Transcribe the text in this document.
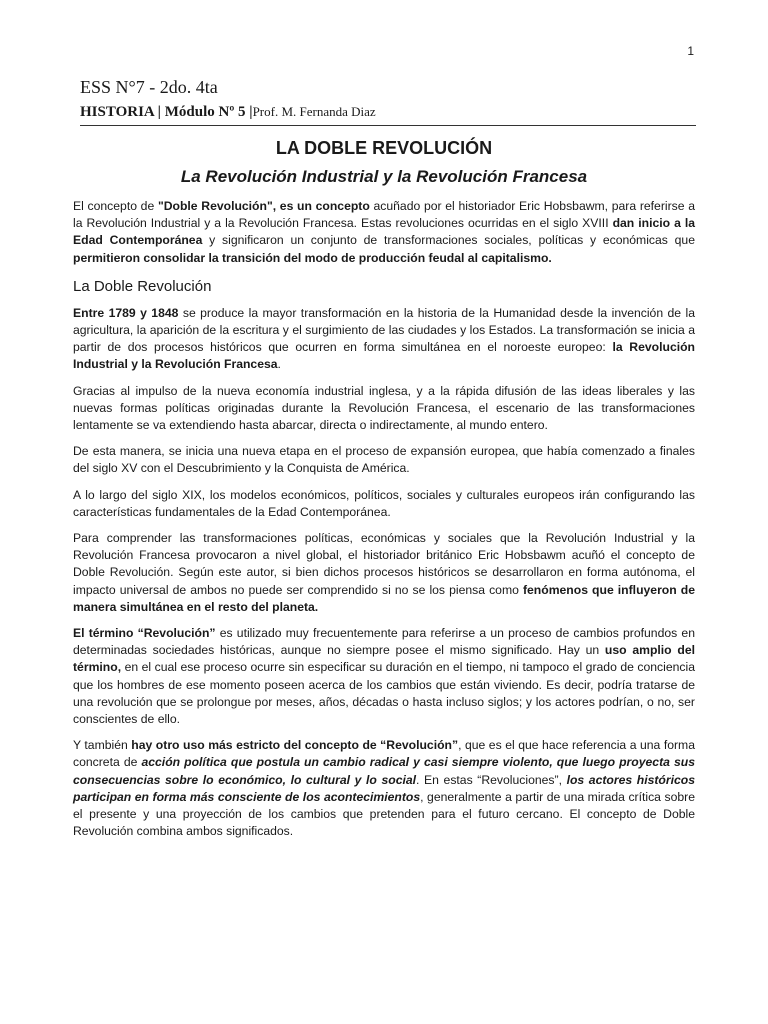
1
ESS N°7 - 2do. 4ta
HISTORIA | Módulo Nº 5 |Prof. M. Fernanda Diaz
LA DOBLE REVOLUCIÓN
La Revolución Industrial y la Revolución Francesa

El concepto de "Doble Revolución", es un concepto acuñado por el historiador Eric Hobsbawm, para referirse a la Revolución Industrial y a la Revolución Francesa. Estas revoluciones ocurridas en el siglo XVIII dan inicio a la Edad Contemporánea y significaron un conjunto de transformaciones sociales, políticas y económicas que permitieron consolidar la transición del modo de producción feudal al capitalismo.

La Doble Revolución

Entre 1789 y 1848 se produce la mayor transformación en la historia de la Humanidad desde la invención de la agricultura, la aparición de la escritura y el surgimiento de las ciudades y los Estados. La transformación se inicia a partir de dos procesos históricos que ocurren en forma simultánea en el noroeste europeo: la Revolución Industrial y la Revolución Francesa.

Gracias al impulso de la nueva economía industrial inglesa, y a la rápida difusión de las ideas liberales y las nuevas formas políticas originadas durante la Revolución Francesa, el escenario de las transformaciones lentamente se va extendiendo hasta abarcar, directa o indirectamente, al mundo entero.

De esta manera, se inicia una nueva etapa en el proceso de expansión europea, que había comenzado a finales del siglo XV con el Descubrimiento y la Conquista de América.

A lo largo del siglo XIX, los modelos económicos, políticos, sociales y culturales europeos irán configurando las características fundamentales de la Edad Contemporánea.

Para comprender las transformaciones políticas, económicas y sociales que la Revolución Industrial y la Revolución Francesa provocaron a nivel global, el historiador británico Eric Hobsbawm acuñó el concepto de Doble Revolución. Según este autor, si bien dichos procesos históricos se desarrollaron en forma autónoma, el impacto universal de ambos no puede ser comprendido si no se los piensa como fenómenos que influyeron de manera simultánea en el resto del planeta.

El término “Revolución” es utilizado muy frecuentemente para referirse a un proceso de cambios profundos en determinadas sociedades históricas, aunque no siempre posee el mismo significado. Hay un uso amplio del término, en el cual ese proceso ocurre sin especificar su duración en el tiempo, ni tampoco el grado de conciencia que los hombres de ese momento poseen acerca de los cambios que están viviendo. Es decir, podría tratarse de una revolución que se prolongue por meses, años, décadas o hasta incluso siglos; y los actores podrían, o no, ser conscientes de ello.

Y también hay otro uso más estricto del concepto de “Revolución”, que es el que hace referencia a una forma concreta de acción política que postula un cambio radical y casi siempre violento, que luego proyecta sus consecuencias sobre lo económico, lo cultural y lo social. En estas “Revoluciones”, los actores históricos participan en forma más consciente de los acontecimientos, generalmente a partir de una mirada crítica sobre el presente y una proyección de los cambios que pretenden para el futuro cercano. El concepto de Doble Revolución combina ambos significados.
